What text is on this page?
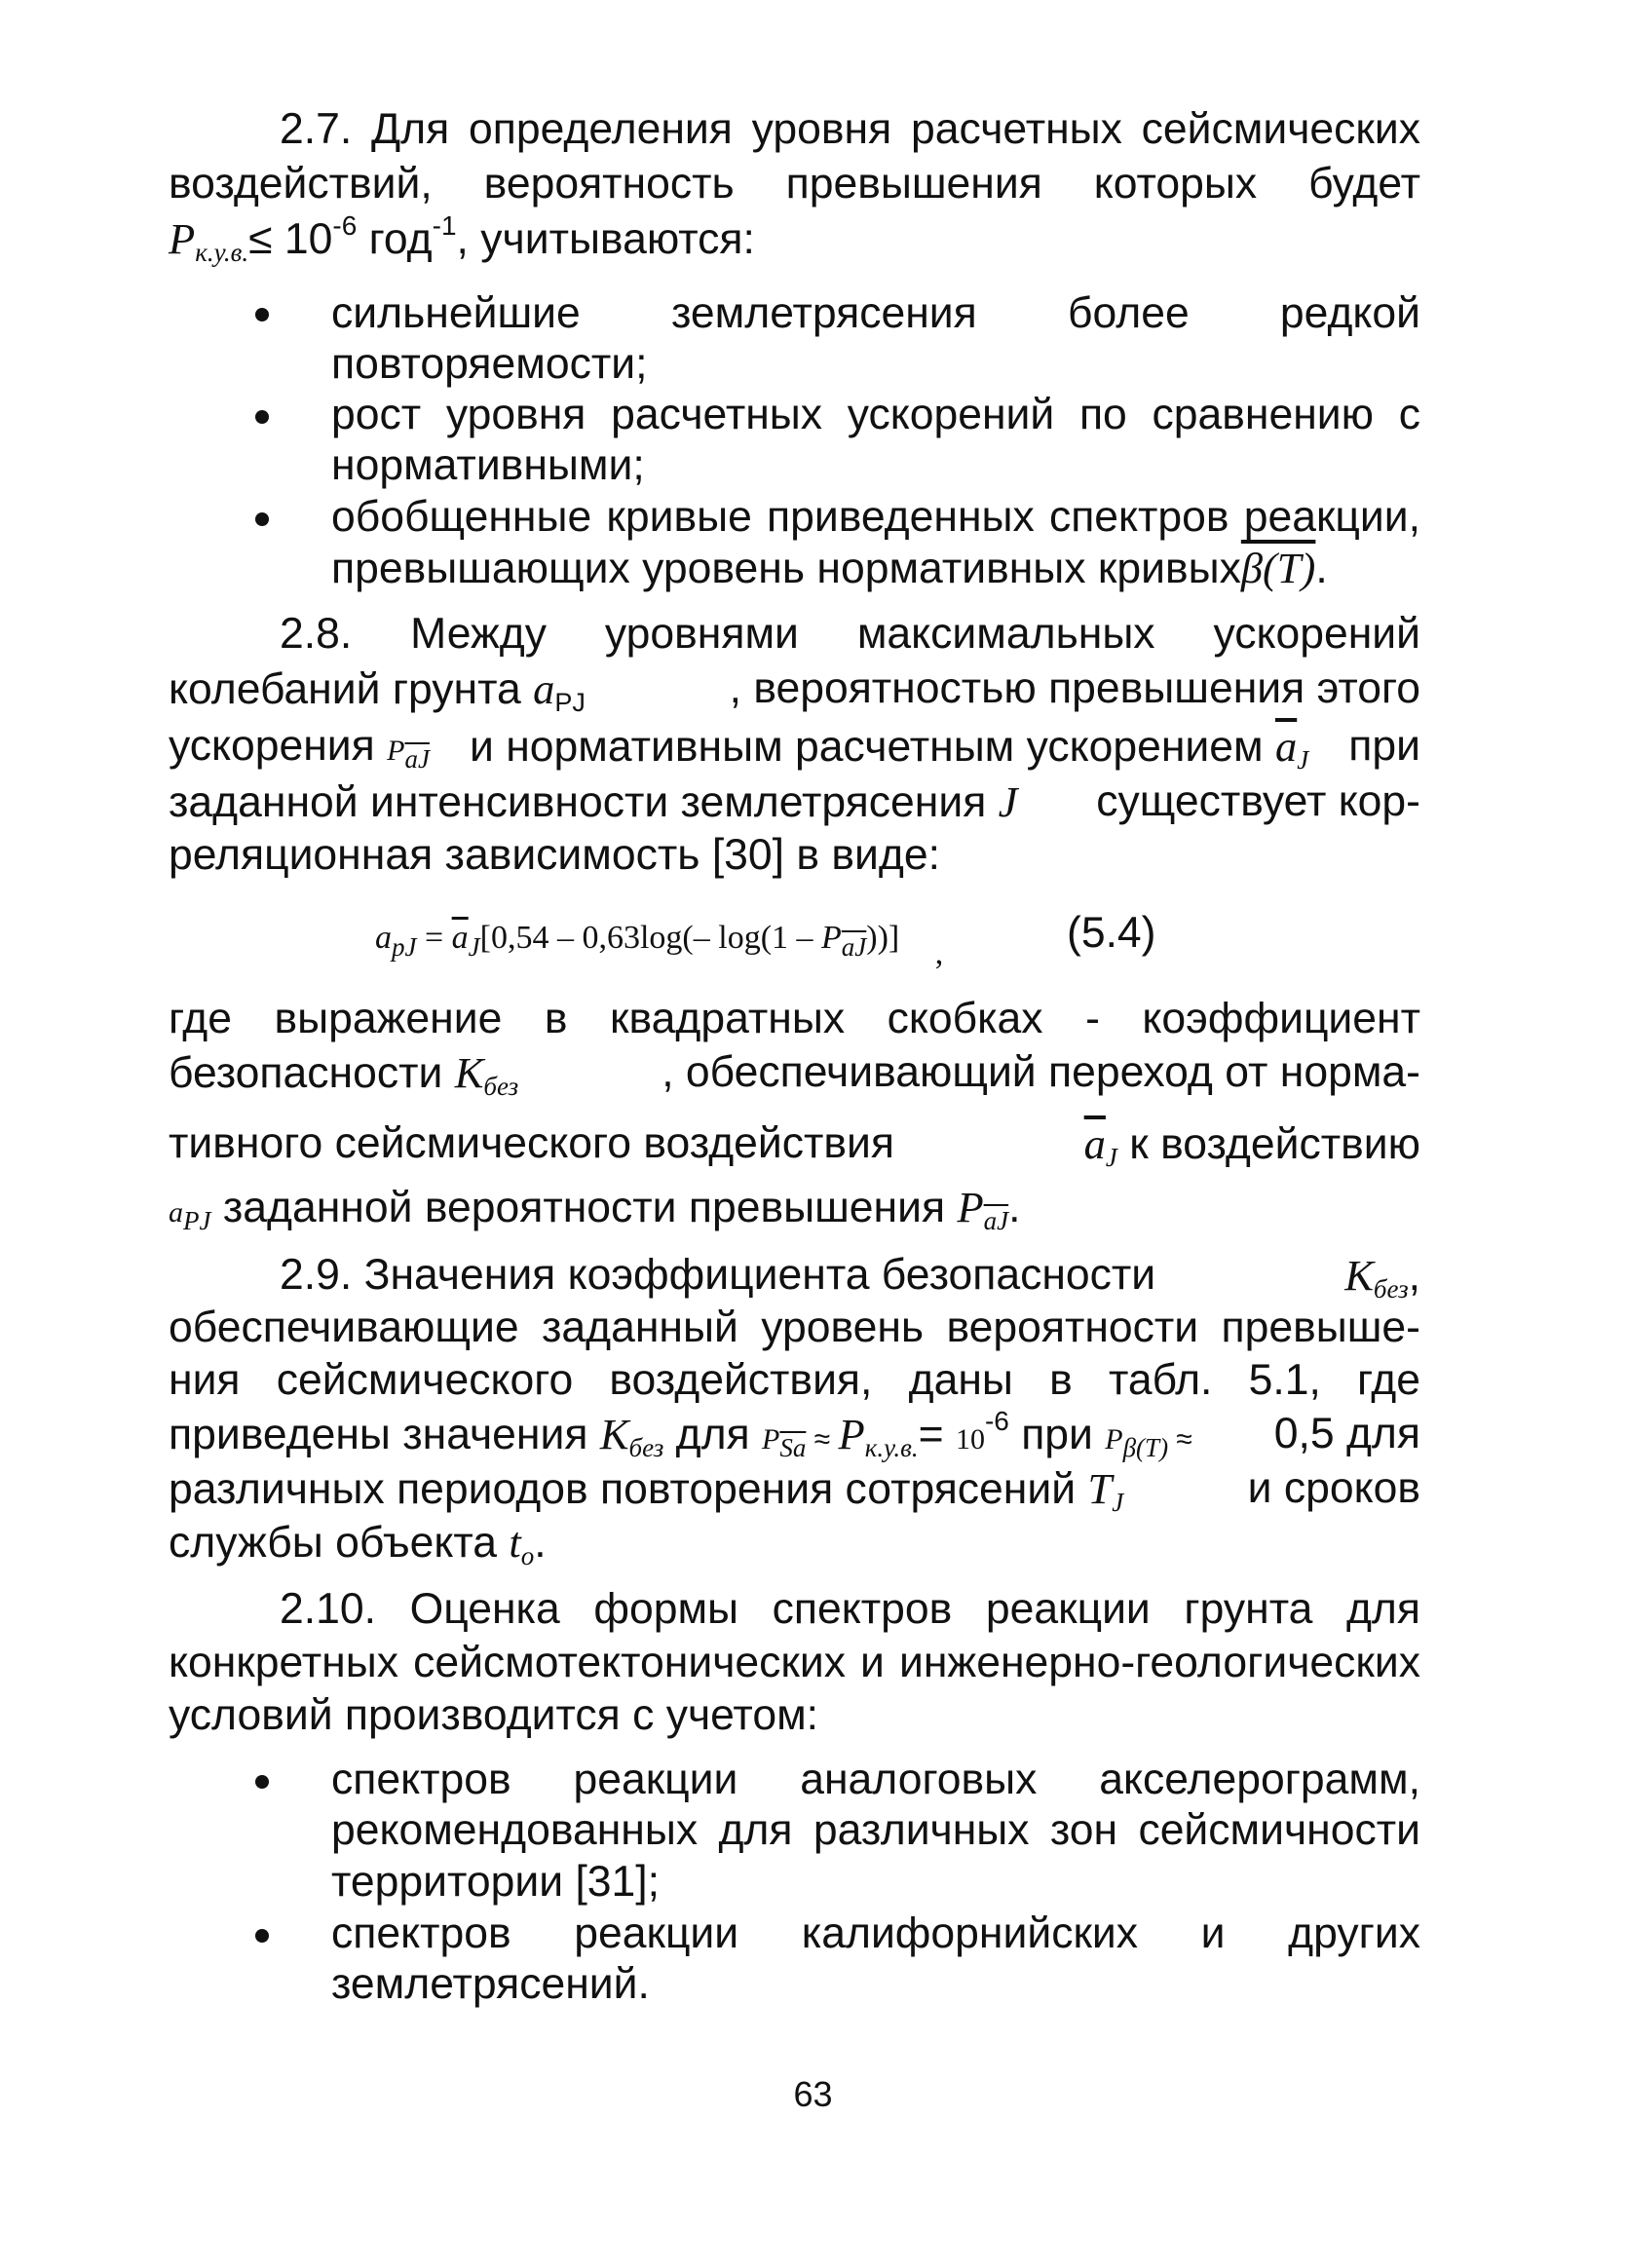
2.7. Для определения уровня расчетных сейсмических
воздействий, вероятность превышения которых будет
$Pк.у.в.\le 10^{-6}$ год$^{-1}$, учитываются:
сильнейшие землетрясения более редкой
повторяемости;
рост уровня расчетных ускорений по сравнению с
нормативными;
обобщенные кривые приведенных спектров реакции,
превышающих уровень нормативных кривыхβ(T).
2.8. Между уровнями максимальных ускорений
колебаний грунта aPJ	, вероятностью превышения этого
ускорения $P\overline{aJ}$ и нормативным расчетным ускорением $\overline{a}J$ при
заданной интенсивности землетрясения J существует кор-
реляционная зависимость [30] в виде:
$a_{pJ} = \overline{a}_J[0,54 - 0,63\log(-$ $\log(1 - P_{\overline{aJ}})$)] ,	(5.4)
где выражение в квадратных скобках - коэффициент
безопасности Kбез	, обеспечивающий переход от норма-
тивного сейсмического воздействия	$\overline{a}J$ к воздействию
aPJ заданной вероятности превышения $P\overline{aJ}$.
2.9. Значения коэффициента безопасности	Kбез,
обеспечивающие заданный уровень вероятности превыше-
ния сейсмического воздействия, даны в табл. 5.1, где
приведены значения Kбез для $P\overline{Sa} \approx Pк.у.в.= 10^{-6}$ при Pβ(T) ≈ 0,5 для
различных периодов повторения сотрясений TJ	и сроков
службы объекта to.
2.10. Оценка формы спектров реакции грунта для
конкретных сейсмотектонических и инженерно-геологических
условий производится с учетом:
спектров реакции аналоговых акселерограмм,
рекомендованных для различных зон сейсмичности
территории [31];
спектров реакции калифорнийских и других
землетрясений.
63
